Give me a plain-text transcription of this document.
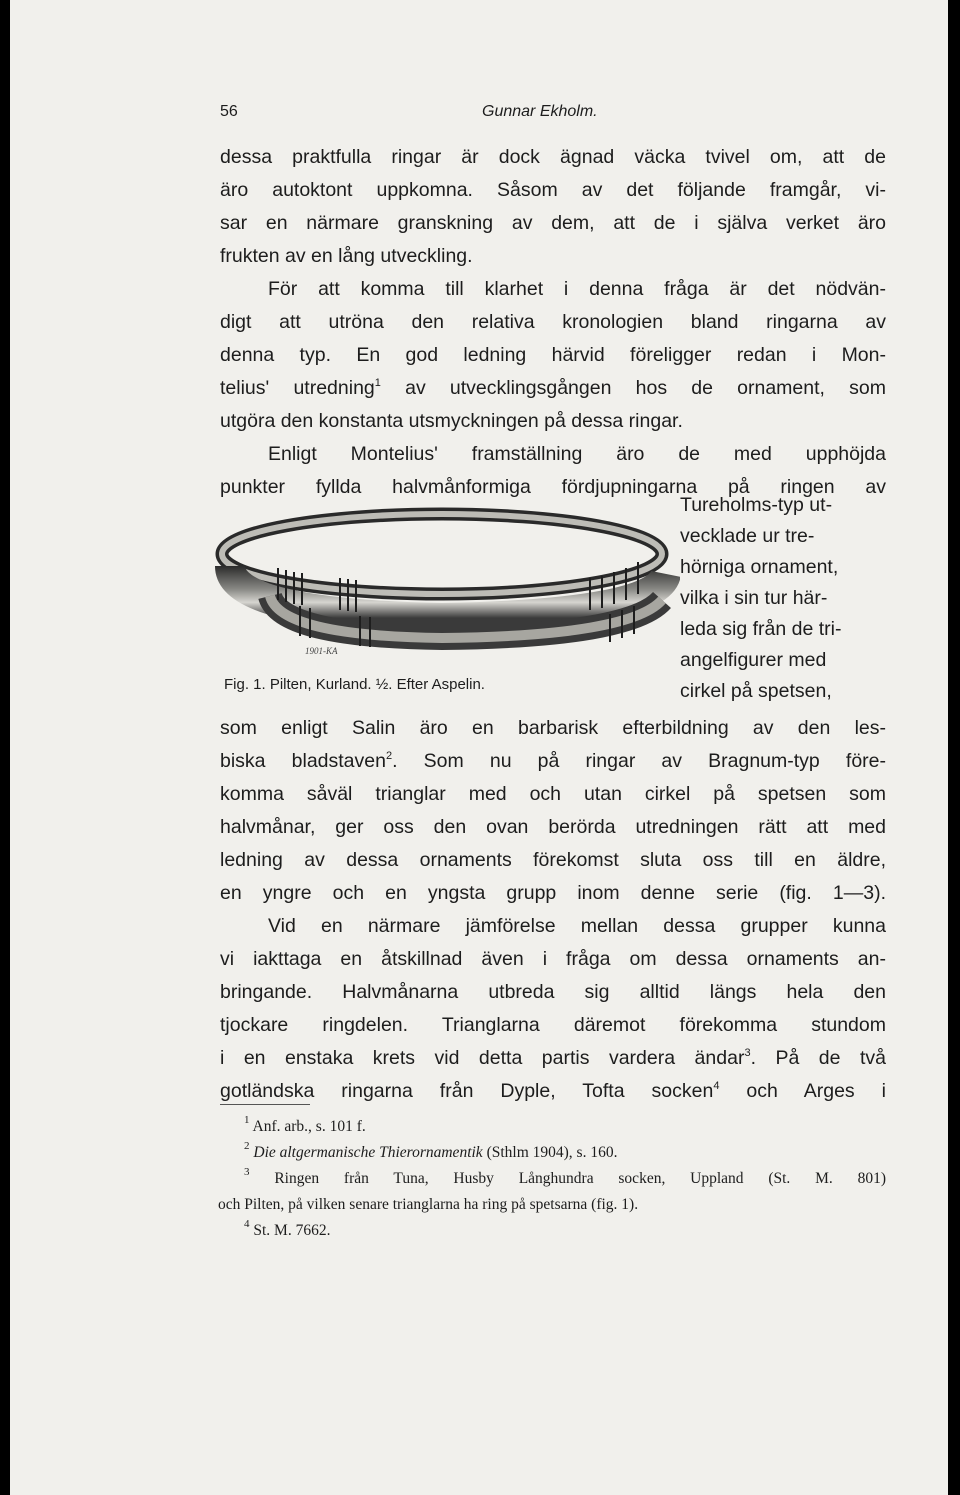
56	Gunnar Ekholm.
dessa praktfulla ringar är dock ägnad väcka tvivel om, att de
äro autoktont uppkomna. Såsom av det följande framgår, vi-
sar en närmare granskning av dem, att de i själva verket äro
frukten av en lång utveckling.
För att komma till klarhet i denna fråga är det nödvän-
digt att utröna den relativa kronologien bland ringarna av
denna typ. En god ledning härvid föreligger redan i Mon-
telius' utredning$^1$ av utvecklingsgången hos de ornament, som
utgöra den konstanta utsmyckningen på dessa ringar.
Enligt Montelius' framställning äro de med upphöjda
punkter fyllda halvmånformiga fördjupningarna på ringen av
1901-KA
Fig. 1. Pilten, Kurland. ½. Efter Aspelin.
Tureholms-typ ut-
vecklade ur tre-
hörniga ornament,
vilka i sin tur här-
leda sig från de tri-
angelfigurer med
cirkel på spetsen,
som enligt Salin äro en barbarisk efterbildning av den les-
biska bladstaven$^2$. Som nu på ringar av Bragnum-typ före-
komma såväl trianglar med och utan cirkel på spetsen som
halvmånar, ger oss den ovan berörda utredningen rätt att med
ledning av dessa ornaments förekomst sluta oss till en äldre,
en yngre och en yngsta grupp inom denne serie (fig. 1—3).
Vid en närmare jämförelse mellan dessa grupper kunna
vi iakttaga en åtskillnad även i fråga om dessa ornaments an-
bringande. Halvmånarna utbreda sig alltid längs hela den
tjockare ringdelen. Trianglarna däremot förekomma stundom
i en enstaka krets vid detta partis vardera ändar$^3$. På de två
gotländska ringarna från Dyple, Tofta socken$^4$ och Arges i
$^1$ Anf. arb., s. 101 f.
$^2$ Die altgermanische Thierornamentik (Sthlm 1904), s. 160.
$^3$ Ringen från Tuna, Husby Långhundra socken, Uppland (St. M. 801)
och Pilten, på vilken senare trianglarna ha ring på spetsarna (fig. 1).
$^4$ St. M. 7662.
